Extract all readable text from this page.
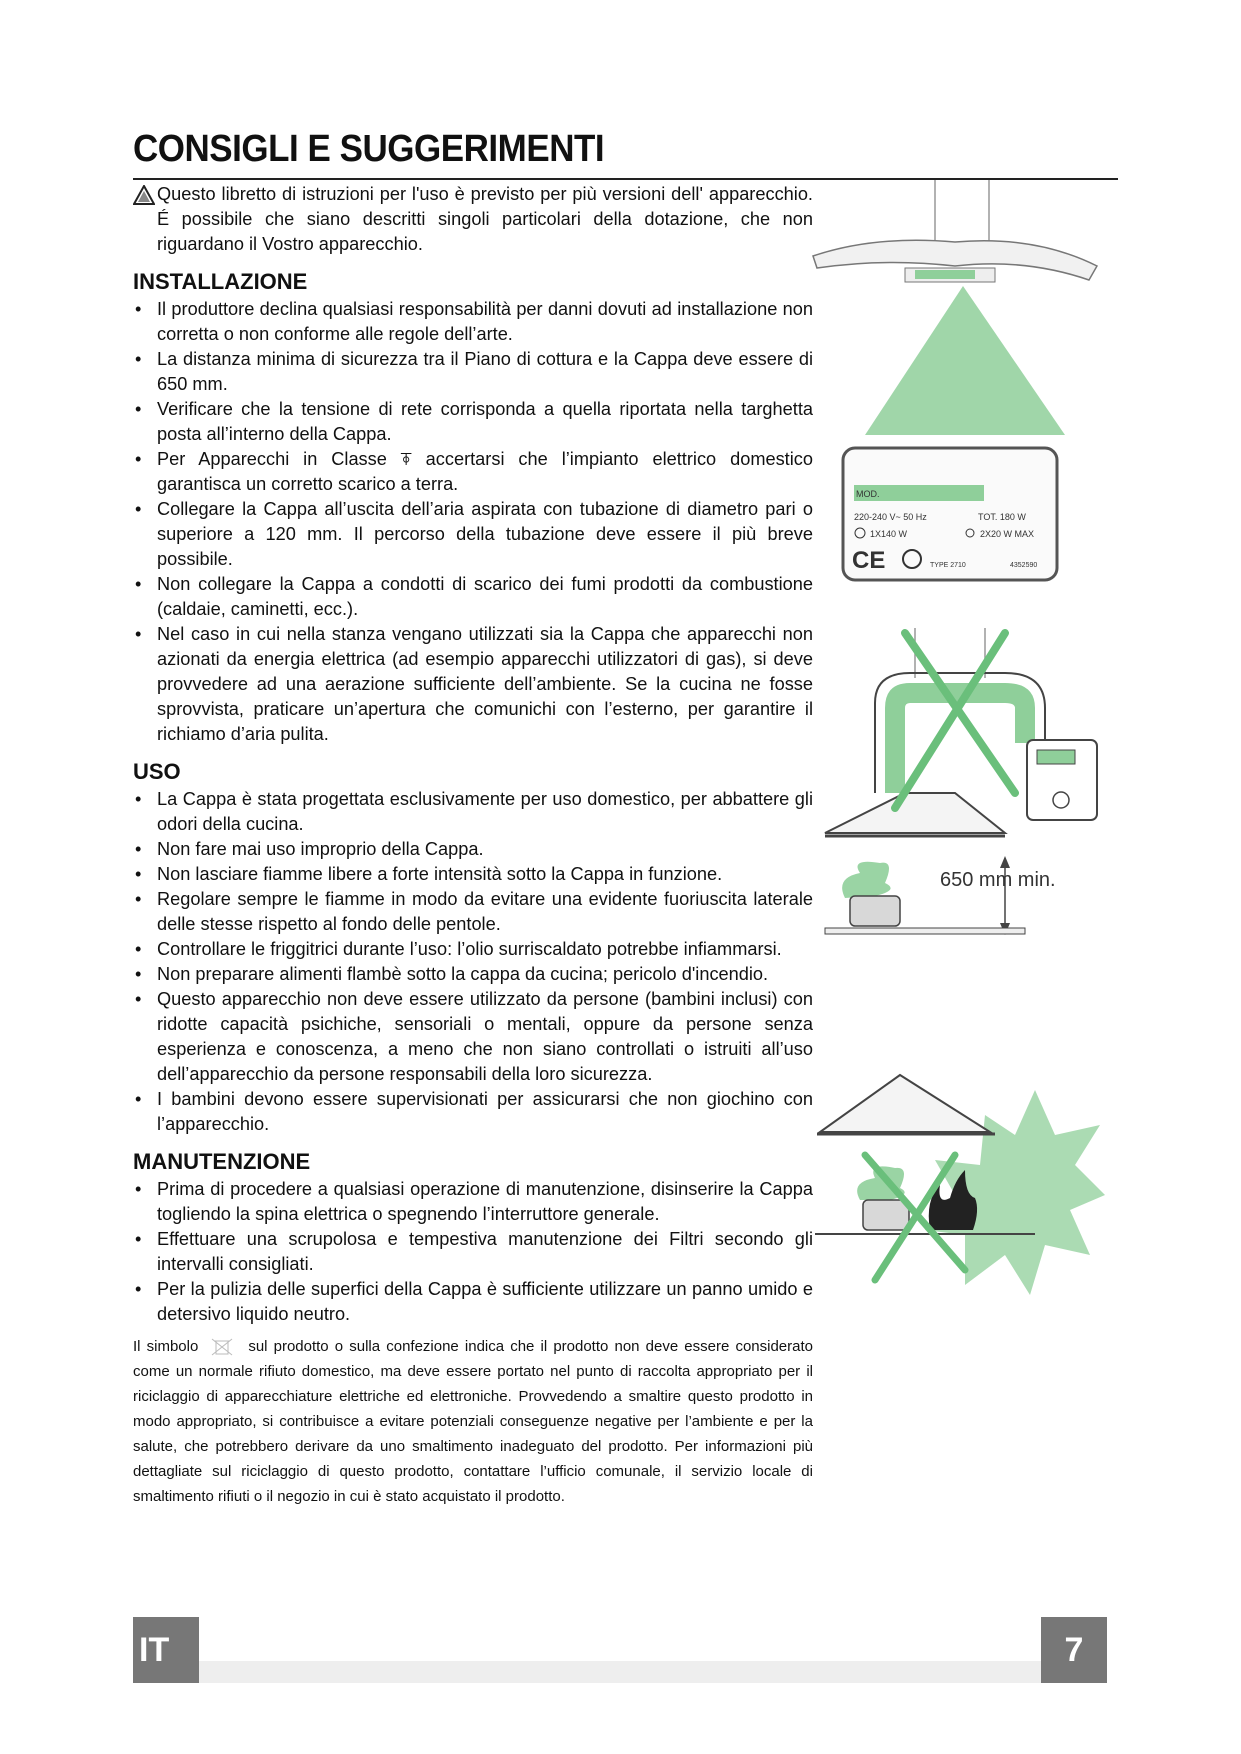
CONSIGLI E SUGGERIMENTI
Questo libretto di istruzioni per l'uso è previsto per più versioni dell' apparecchio. É possibile che siano descritti singoli particolari della dotazione, che non riguardano il Vostro apparecchio.
INSTALLAZIONE
• Il produttore declina qualsiasi responsabilità per danni dovuti ad installazione non corretta o non conforme alle regole dell’arte.
• La distanza minima di sicurezza tra il Piano di cottura e la Cappa deve essere di 650 mm.
• Verificare che la tensione di rete corrisponda a quella riportata nella targhetta posta all’interno della Cappa.
• Per Apparecchi in Classe ⍕ accertarsi che l’impianto elettrico domestico garantisca un corretto scarico a terra.
• Collegare la Cappa all’uscita dell’aria aspirata con tubazione di diametro pari o superiore a 120 mm. Il percorso della tubazione deve essere il più breve possibile.
• Non collegare la Cappa a condotti di scarico dei fumi prodotti da combustione (caldaie, caminetti, ecc.).
• Nel caso in cui nella stanza vengano utilizzati sia la Cappa che apparecchi non azionati da energia elettrica (ad esempio apparecchi utilizzatori di gas), si deve provvedere ad una aerazione sufficiente dell’ambiente. Se la cucina ne fosse sprovvista, praticare un’apertura che comunichi con l’esterno, per garantire il richiamo d’aria pulita.
USO
• La Cappa è stata progettata esclusivamente per uso domestico, per abbattere gli odori della cucina.
• Non fare mai uso improprio della Cappa.
• Non lasciare fiamme libere a forte intensità sotto la Cappa in funzione.
• Regolare sempre le fiamme in modo da evitare una evidente fuoriuscita laterale delle stesse rispetto al fondo delle pentole.
• Controllare le friggitrici durante l’uso: l’olio surriscaldato potrebbe infiammarsi.
• Non preparare alimenti flambè sotto la cappa da cucina; pericolo d'incendio.
• Questo apparecchio non deve essere utilizzato da persone (bambini inclusi) con ridotte capacità psichiche, sensoriali o mentali, oppure da persone senza esperienza e conoscenza, a meno che non siano controllati o istruiti all’uso dell’apparecchio da persone responsabili della loro sicurezza.
• I bambini devono essere supervisionati per assicurarsi che non giochino con l’apparecchio.
MANUTENZIONE
• Prima di procedere a qualsiasi operazione di manutenzione, disinserire la Cappa togliendo la spina elettrica o spegnendo l’interruttore generale.
• Effettuare una scrupolosa e tempestiva manutenzione dei Filtri secondo gli intervalli consigliati.
• Per la pulizia delle superfici della Cappa è sufficiente utilizzare un panno umido e detersivo liquido neutro.
Il simbolo	sul prodotto o sulla confezione indica che il prodotto non deve essere considerato come un normale rifiuto domestico, ma deve essere portato nel punto di raccolta appropriato per il riciclaggio di apparecchiature elettriche ed elettroniche. Provvedendo a smaltire questo prodotto in modo appropriato, si contribuisce a evitare potenziali conseguenze negative per l’ambiente e per la salute, che potrebbero derivare da uno smaltimento inadeguato del prodotto. Per informazioni più dettagliate sul riciclaggio di questo prodotto, contattare l’ufficio comunale, il servizio locale di smaltimento rifiuti o il negozio in cui è stato acquistato il prodotto.
MOD.
220-240 V~ 50 Hz	TOT. 180 W
1X140 W	2X20 W MAX
CE	TYPE 2710	4352590
650 mm min.
IT	7
